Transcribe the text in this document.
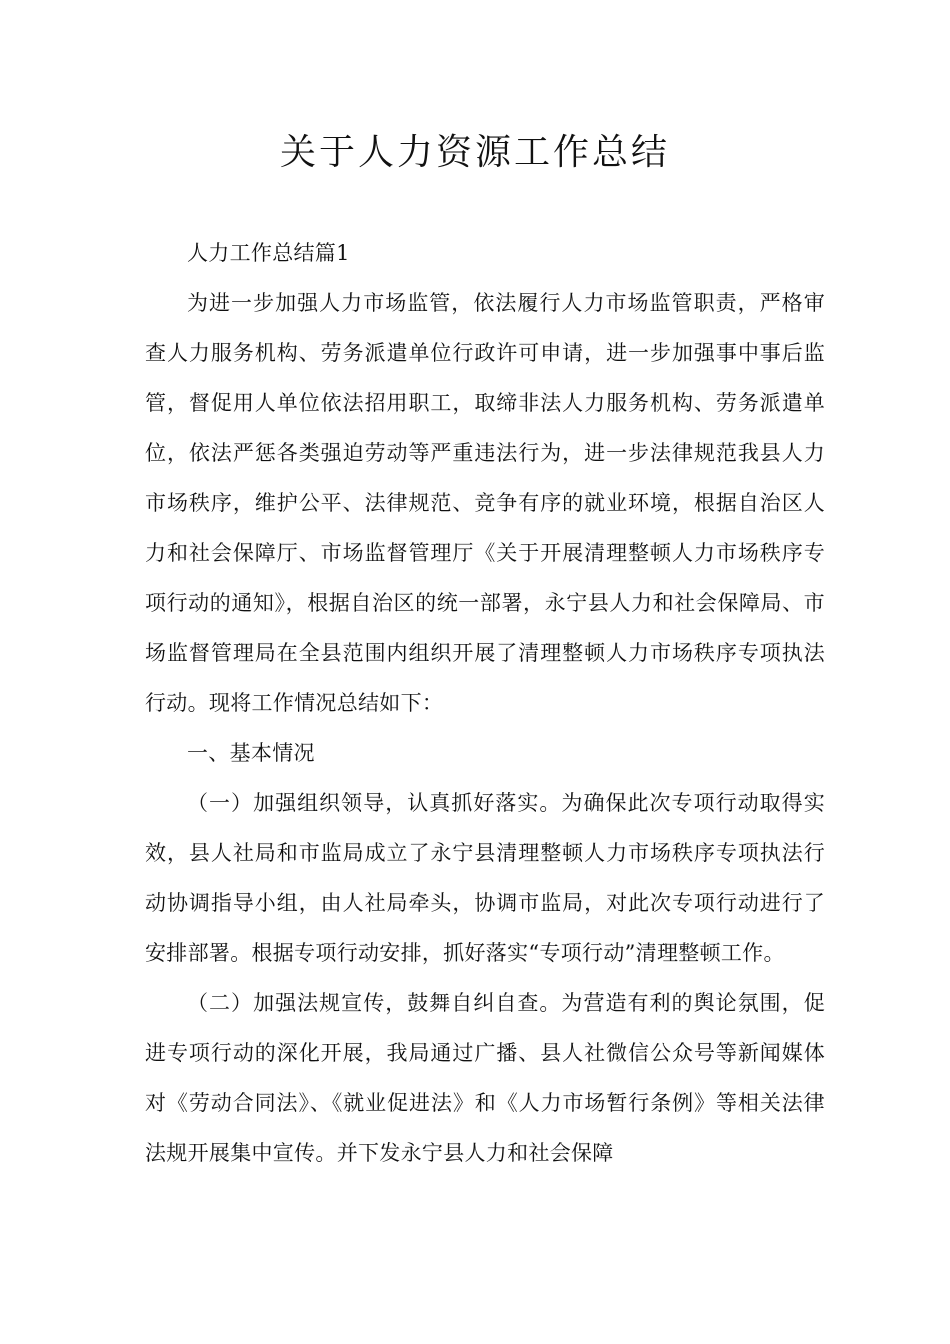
关于人力资源工作总结

人力工作总结篇1

为进一步加强人力市场监管，依法履行人力市场监管职责，严格审查人力服务机构、劳务派遣单位行政许可申请，进一步加强事中事后监管，督促用人单位依法招用职工，取缔非法人力服务机构、劳务派遣单位，依法严惩各类强迫劳动等严重违法行为，进一步法律规范我县人力市场秩序，维护公平、法律规范、竞争有序的就业环境，根据自治区人力和社会保障厅、市场监督管理厅《关于开展清理整顿人力市场秩序专项行动的通知》，根据自治区的统一部署，永宁县人力和社会保障局、市场监督管理局在全县范围内组织开展了清理整顿人力市场秩序专项执法行动。现将工作情况总结如下：

一、基本情况

（一）加强组织领导，认真抓好落实。为确保此次专项行动取得实效，县人社局和市监局成立了永宁县清理整顿人力市场秩序专项执法行动协调指导小组，由人社局牵头，协调市监局，对此次专项行动进行了安排部署。根据专项行动安排，抓好落实“专项行动”清理整顿工作。

（二）加强法规宣传，鼓舞自纠自查。为营造有利的舆论氛围，促进专项行动的深化开展，我局通过广播、县人社微信公众号等新闻媒体对《劳动合同法》、《就业促进法》和《人力市场暂行条例》等相关法律法规开展集中宣传。并下发永宁县人力和社会保障
